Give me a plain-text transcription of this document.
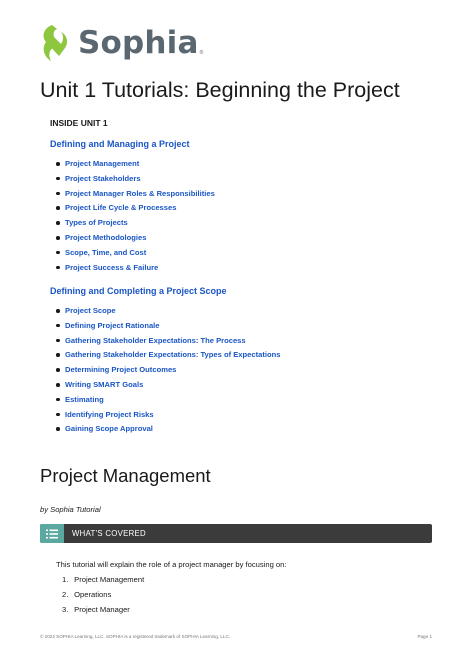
Sophia ®
Unit 1 Tutorials: Beginning the Project
INSIDE UNIT 1
Defining and Managing a Project
Project Management
Project Stakeholders
Project Manager Roles & Responsibilities
Project Life Cycle & Processes
Types of Projects
Project Methodologies
Scope, Time, and Cost
Project Success & Failure
Defining and Completing a Project Scope
Project Scope
Defining Project Rationale
Gathering Stakeholder Expectations: The Process
Gathering Stakeholder Expectations: Types of Expectations
Determining Project Outcomes
Writing SMART Goals
Estimating
Identifying Project Risks
Gaining Scope Approval
Project Management
by Sophia Tutorial
WHAT'S COVERED

This tutorial will explain the role of a project manager by focusing on:

1. Project Management
2. Operations
3. Project Manager
© 2022 SOPHIA Learning, LLC. SOPHIA is a registered trademark of SOPHIA Learning, LLC.	Page 1
